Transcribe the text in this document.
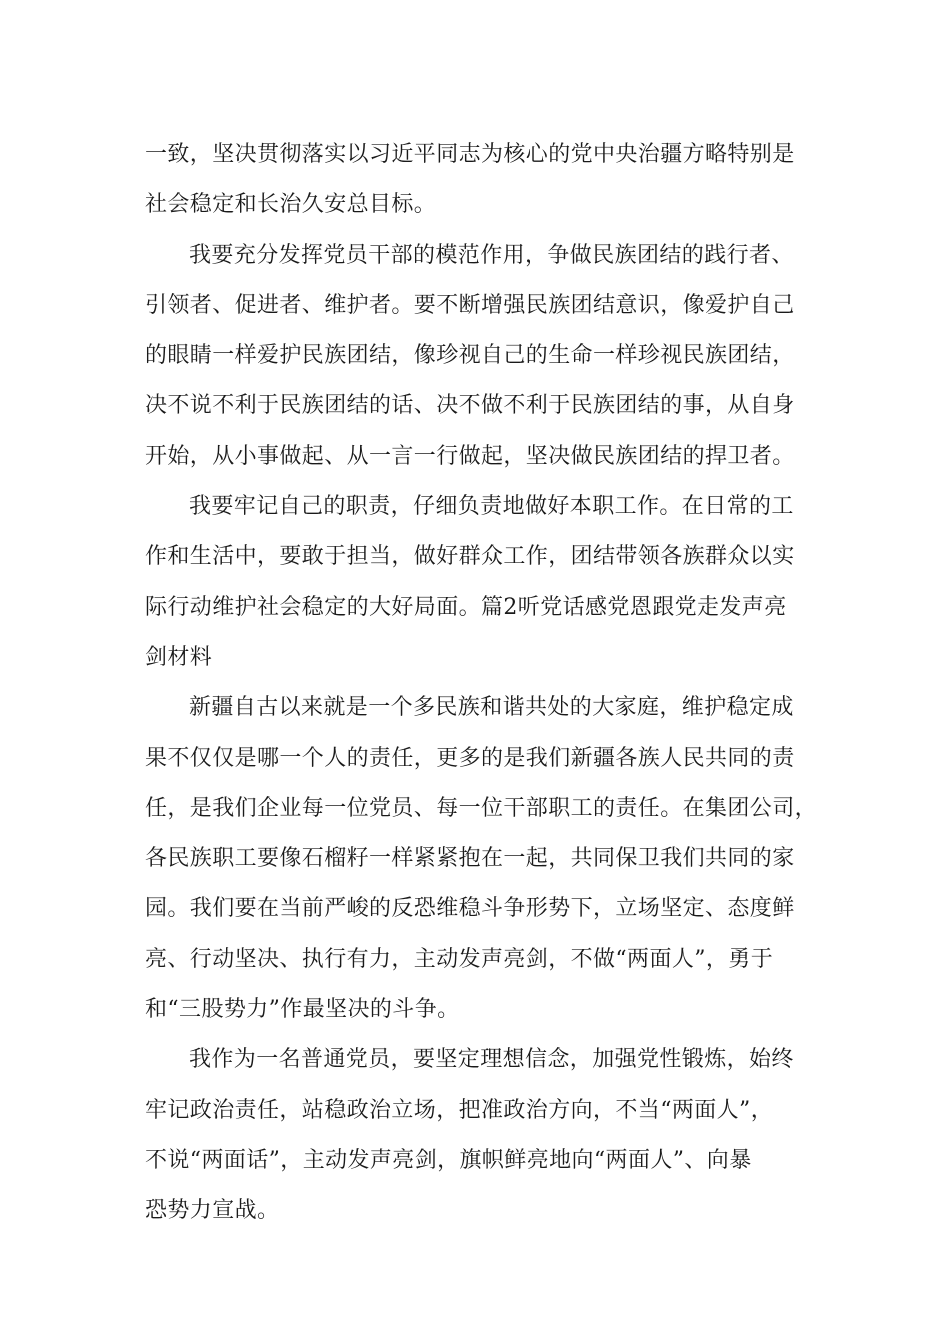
一致，坚决贯彻落实以习近平同志为核心的党中央治疆方略特别是
社会稳定和长治久安总目标。
我要充分发挥党员干部的模范作用，争做民族团结的践行者、
引领者、促进者、维护者。要不断增强民族团结意识，像爱护自己
的眼睛一样爱护民族团结，像珍视自己的生命一样珍视民族团结，
决不说不利于民族团结的话、决不做不利于民族团结的事，从自身
开始，从小事做起、从一言一行做起，坚决做民族团结的捍卫者。
我要牢记自己的职责，仔细负责地做好本职工作。在日常的工
作和生活中，要敢于担当，做好群众工作，团结带领各族群众以实
际行动维护社会稳定的大好局面。篇2听党话感党恩跟党走发声亮
剑材料
新疆自古以来就是一个多民族和谐共处的大家庭，维护稳定成
果不仅仅是哪一个人的责任，更多的是我们新疆各族人民共同的责
任，是我们企业每一位党员、每一位干部职工的责任。在集团公司，
各民族职工要像石榴籽一样紧紧抱在一起，共同保卫我们共同的家
园。我们要在当前严峻的反恐维稳斗争形势下，立场坚定、态度鲜
亮、行动坚决、执行有力，主动发声亮剑，不做“两面人”，勇于
和“三股势力”作最坚决的斗争。
我作为一名普通党员，要坚定理想信念，加强党性锻炼，始终
牢记政治责任，站稳政治立场，把准政治方向，不当“两面人”，
不说“两面话”，主动发声亮剑，旗帜鲜亮地向“两面人”、向暴
恐势力宣战。
